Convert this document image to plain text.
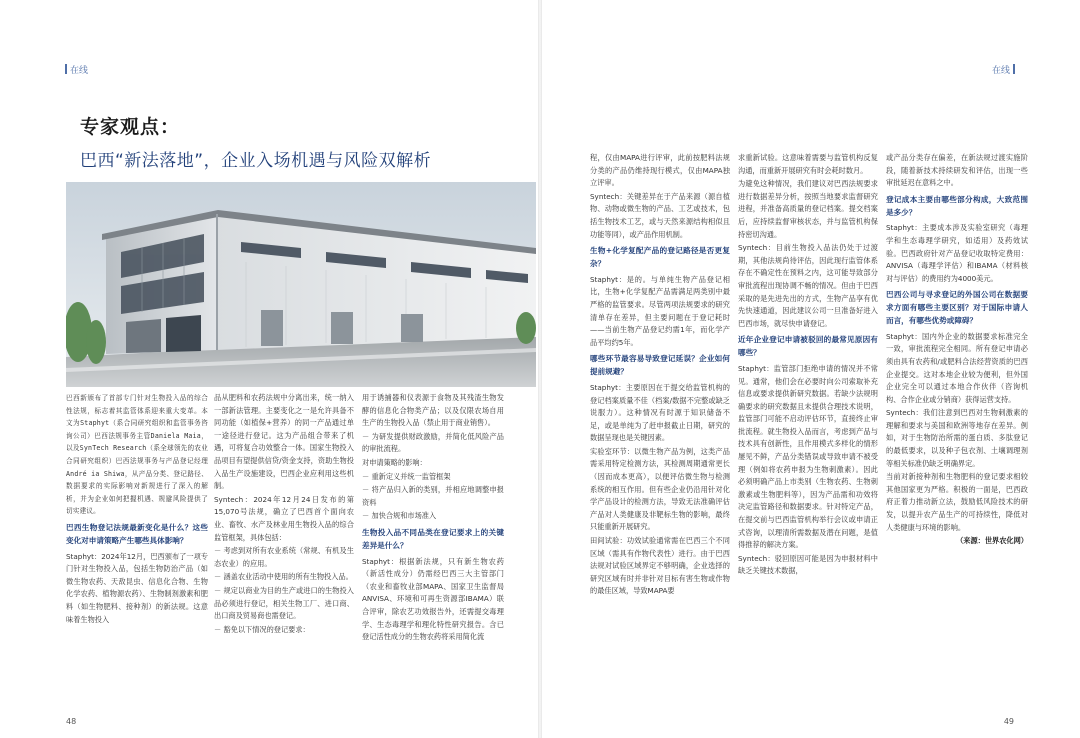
在线
专家观点：
巴西“新法落地”，企业入场机遇与风险双解析

巴西新颁布了首部专门针对生物投入品的综合性法规，标志着其监管体系迎来重大变革。本文为Staphyt（系合同研究组织和监管事务咨询公司）巴西法规事务主管Daniela Maia，以及SynTech Research（系全球领先的农业合同研究组织）巴西法规事务与产品登记经理André ia Shiwa，从产品分类、登记路径、数据要求的实际影响对新规进行了深入的解析，并为企业如何把握机遇、规避风险提供了切实建议。

巴西生物登记法规最新变化是什么？这些变化对申请策略产生哪些具体影响？

Staphyt：2024年12月，巴西颁布了一项专门针对生物投入品，包括生物防治产品（如微生物农药、天敌昆虫、信息化合物、生物化学农药、植物源农药）、生物制剂激素和肥料（如生物肥料、接种剂）的新法规。这意味着生物投入

品从肥料和农药法规中分离出来，统一纳入一部新法管理。主要变化之一是允许具备不同功能（如植保+营养）的同一产品通过单一途径进行登记。这为产品组合带来了机遇，可将复合功效整合一体。国家生物投入品项目有望提供信贷/资金支持，资助生物投入品生产设施建设，巴西企业应利用这些机制。

Syntech：2024年12月24日发布的第15,070号法规，确立了巴西首个面向农业、畜牧、水产及林业用生物投入品的综合监管框架，具体包括：

－ 考虑到对所有农业系统（常规、有机及生态农业）的应用。

－ 涵盖农业活动中使用的所有生物投入品。

－ 规定以商业为目的生产或进口的生物投入品必须进行登记，相关生物工厂、进口商、出口商及贸易商也需登记。

－ 豁免以下情况的登记要求：

用于诱捕器和仪表源于食物及其残渣生物发酵的信息化合物类产品；以及仅限农场自用生产的生物投入品（禁止用于商业销售）。

－ 为研发提供财政激励，并简化低风险产品的审批流程。

对申请策略的影响：

－ 重新定义并统一监管框架

－ 将产品归入新的类别，并相应地调整申报资料

－ 加快合规和市场准入

生物投入品不同品类在登记要求上的关键差异是什么？

Staphyt：根据新法规，只有新生物农药（新活性成分）仍需经巴西三大主管部门（农业和畜牧业部MAPA、国家卫生监督局ANVISA、环境和可再生资源部IBAMA）联合评审，除农艺功效报告外，还需提交毒理学、生态毒理学和理化特性研究报告。含已登记活性成分的生物农药将采用简化流

48
在线

程，仅由MAPA进行评审，此前按肥料法规分类的产品仍维持现行模式，仅由MAPA独立评审。

Syntech：关键差异在于产品来源（源自植物、动物或微生物的产品、工艺或技术，包括生物技术工艺，或与天然来源结构相似且功能等同），或产品作用机制。

生物+化学复配产品的登记路径是否更复杂？

Staphyt：是的。与单纯生物产品登记相比，生物+化学复配产品需满足两类别中最严格的监管要求。尽管两项法规要求的研究清单存在差异，但主要问题在于登记耗时——当前生物产品登记约需1年，而化学产品平均约5年。

哪些环节最容易导致登记延误？企业如何提前规避？

Staphyt：主要原因在于提交给监管机构的登记档案质量不佳（档案/数据不完整或缺乏说服力）。这种情况有时源于知识储备不足，或是单纯为了赶申报截止日期，研究的数据呈现也是关键因素。

实验室环节：以微生物产品为例，这类产品需采用特定检测方法，其检测周期通常更长（因而成本更高），以便评估微生物与检测系统的相互作用。但有些企业仍沿用针对化学产品设计的检测方法，导致无法准确评估产品对人类健康及非靶标生物的影响，最终只能重新开展研究。

田间试验：功效试验通常需在巴西三个不同区域（需具有作物代表性）进行。由于巴西法规对试验区域界定不够明确，企业选择的研究区域有时并非针对目标有害生物或作物的最佳区域，导致MAPA要

求重新试验。这意味着需要与监管机构反复沟通，而重新开展研究有时会耗时数月。

为避免这种情况，我们建议对巴西法规要求进行数据差异分析，按照当地要求监督研究进程，并准备高质量的登记档案。提交档案后，应持续监督审核状态，并与监管机构保持密切沟通。

Syntech：目前生物投入品法仍处于过渡期，其他法规尚待评估，因此现行监管体系存在不确定性在预料之内，这可能导致部分审批流程出现协调不畅的情况。但由于巴西采取的是先进先出的方式，生物产品享有优先快速通道，因此建议公司一旦准备好进入巴西市场，就尽快申请登记。

近年企业登记申请被驳回的最常见原因有哪些？

Staphyt：监管部门拒绝申请的情况并不常见。通常，他们会在必要时向公司索取补充信息或要求提供新研究数据。若缺少法规明确要求的研究数据且未提供合理技术说明，监管部门可能不启动评估环节，直接终止审批流程。就生物投入品而言，考虑到产品与技术具有创新性，且作用模式多样化的情形屡见不鲜，产品分类错误或导致申请不被受理（例如将农药申报为生物刺激素）。因此必须明确产品上市类别（生物农药、生物刺激素或生物肥料等），因为产品需和功效将决定监管路径和数据要求。针对特定产品，在提交前与巴西监管机构举行会议或申请正式咨询，以理清所需数据及潜在问题，是值得推荐的解决方案。

Syntech：驳回原因可能是因为申报材料中缺乏关键技术数据，

或产品分类存在偏差，在新法规过渡实施阶段，随着新技术持续研发和评估，出现一些审批延迟在意料之中。

登记成本主要由哪些部分构成，大致范围是多少？

Staphyt：主要成本涉及实验室研究（毒理学和生态毒理学研究，如适用）及药效试验。巴西政府针对产品登记收取特定费用：ANVISA（毒理学评估）和IBAMA（材料核对与评估）的费用约为4000美元。

巴西公司与寻求登记的外国公司在数据要求方面有哪些主要区别？对于国际申请人而言，有哪些优势或障碍？

Staphyt：国内外企业的数据要求标准完全一致，审批流程完全相同。所有登记申请必须由具有农药和/或肥料合法经营资质的巴西企业提交。这对本地企业较为便利，但外国企业完全可以通过本地合作伙伴（咨询机构、合作企业或分销商）获得运营支持。

Syntech：我们注意到巴西对生物刺激素的理解和要求与美国和欧洲等地存在差异。例如，对于生物防治所需的蛋白质、多肽登记的最低要求，以及种子包衣剂、土壤调理剂等相关标准仍缺乏明确界定。

当前对新接种剂和生物肥料的登记要求相较其他国家更为严格。积极的一面是，巴西政府正着力推动新立法，鼓励低风险技术的研发，以提升农产品生产的可持续性，降低对人类健康与环境的影响。

（来源：世界农化网）

49
